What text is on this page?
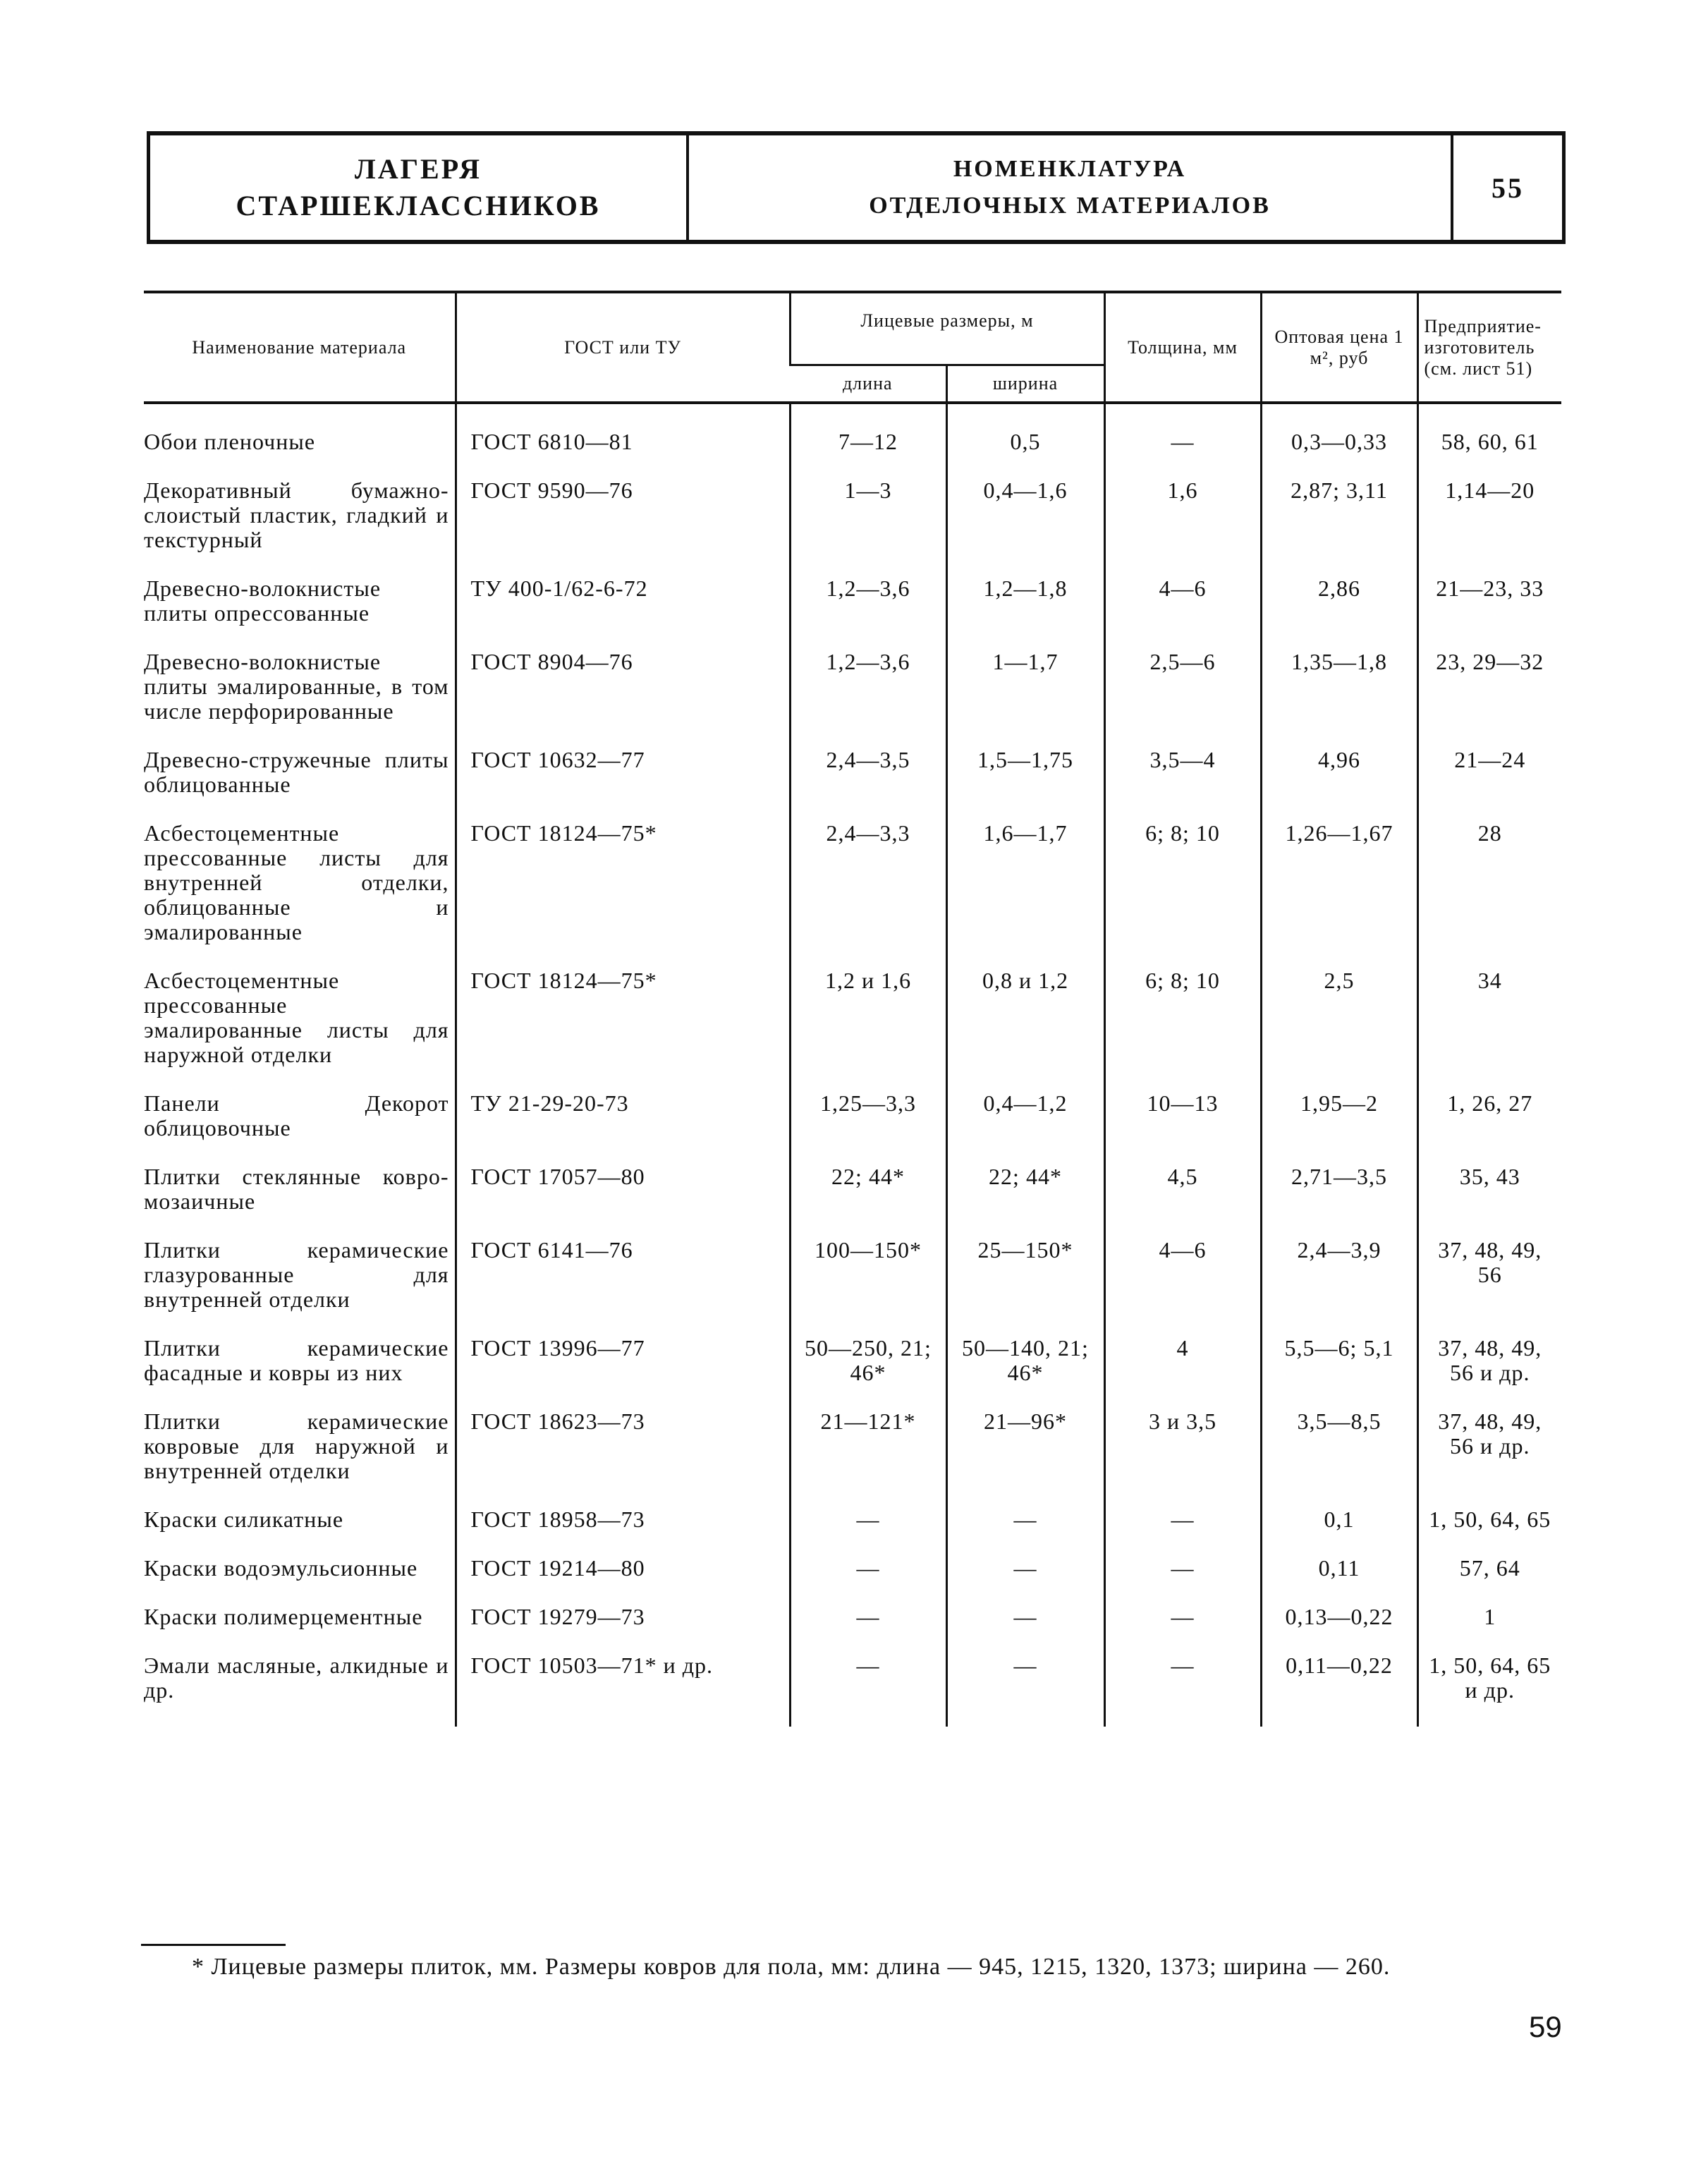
ЛАГЕРЯ
СТАРШЕКЛАССНИКОВ
НОМЕНКЛАТУРА
ОТДЕЛОЧНЫХ МАТЕРИАЛОВ
55
Наименование материала	ГОСТ или ТУ	Лицевые размеры, м		Толщина, мм	Оптовая цена 1 м², руб	Предприятие-изготовитель (см. лист 51)
		длина	ширина			
Обои пленочные	ГОСТ 6810—81	7—12	0,5	—	0,3—0,33	58, 60, 61
Декоративный бумажно-слоистый пластик, гладкий и текстурный	ГОСТ 9590—76	1—3	0,4—1,6	1,6	2,87; 3,11	1,14—20
Древесно-волокнистые плиты опрессованные	ТУ 400-1/62-6-72	1,2—3,6	1,2—1,8	4—6	2,86	21—23, 33
Древесно-волокнистые плиты эмалированные, в том числе перфорированные	ГОСТ 8904—76	1,2—3,6	1—1,7	2,5—6	1,35—1,8	23, 29—32
Древесно-стружечные плиты облицованные	ГОСТ 10632—77	2,4—3,5	1,5—1,75	3,5—4	4,96	21—24
Асбестоцементные прессованные листы для внутренней отделки, облицованные и эмалированные	ГОСТ 18124—75*	2,4—3,3	1,6—1,7	6; 8; 10	1,26—1,67	28
Асбестоцементные прессованные эмалированные листы для наружной отделки	ГОСТ 18124—75*	1,2 и 1,6	0,8 и 1,2	6; 8; 10	2,5	34
Панели Декорот облицовочные	ТУ 21-29-20-73	1,25—3,3	0,4—1,2	10—13	1,95—2	1, 26, 27
Плитки стеклянные ковро-мозаичные	ГОСТ 17057—80	22; 44*	22; 44*	4,5	2,71—3,5	35, 43
Плитки керамические глазурованные для внутренней отделки	ГОСТ 6141—76	100—150*	25—150*	4—6	2,4—3,9	37, 48, 49, 56
Плитки керамические фасадные и ковры из них	ГОСТ 13996—77	50—250, 21; 46*	50—140, 21; 46*	4	5,5—6; 5,1	37, 48, 49, 56 и др.
Плитки керамические ковровые для наружной и внутренней отделки	ГОСТ 18623—73	21—121*	21—96*	3 и 3,5	3,5—8,5	37, 48, 49, 56 и др.
Краски силикатные	ГОСТ 18958—73	—	—	—	0,1	1, 50, 64, 65
Краски водоэмульсионные	ГОСТ 19214—80	—	—	—	0,11	57, 64
Краски полимерцементные	ГОСТ 19279—73	—	—	—	0,13—0,22	1
Эмали масляные, алкидные и др.	ГОСТ 10503—71* и др.	—	—	—	0,11—0,22	1, 50, 64, 65 и др.
* Лицевые размеры плиток, мм. Размеры ковров для пола, мм: длина — 945, 1215, 1320, 1373; ширина — 260.
59
